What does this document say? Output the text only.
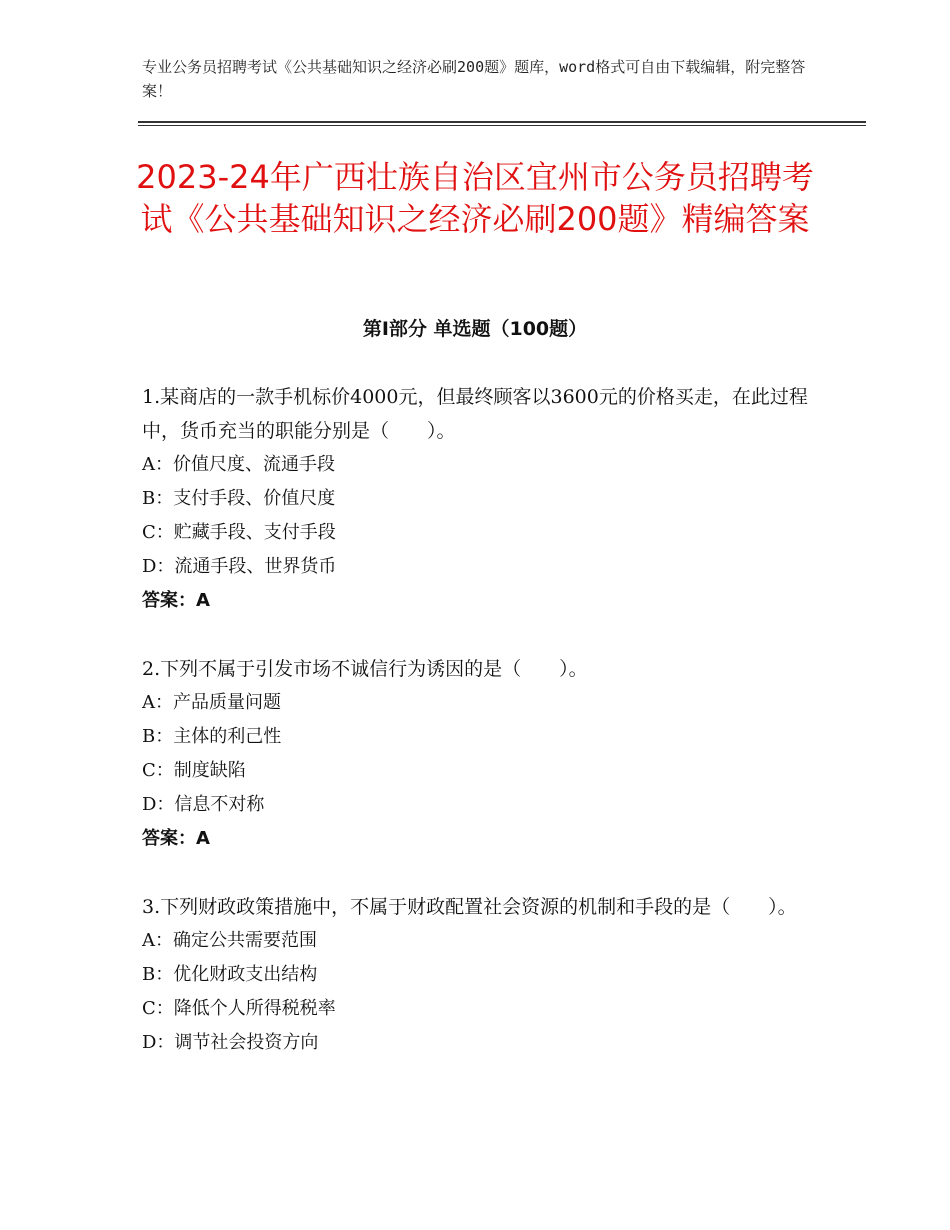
专业公务员招聘考试《公共基础知识之经济必刷200题》题库，word格式可自由下载编辑，附完整答案！
2023-24年广西壮族自治区宜州市公务员招聘考试《公共基础知识之经济必刷200题》精编答案
第Ⅰ部分 单选题（100题）
1.某商店的一款手机标价4000元，但最终顾客以3600元的价格买走，在此过程中，货币充当的职能分别是（　　）。
A：价值尺度、流通手段
B：支付手段、价值尺度
C：贮藏手段、支付手段
D：流通手段、世界货币
答案：A
2.下列不属于引发市场不诚信行为诱因的是（　　）。
A：产品质量问题
B：主体的利己性
C：制度缺陷
D：信息不对称
答案：A
3.下列财政政策措施中，不属于财政配置社会资源的机制和手段的是（　　）。
A：确定公共需要范围
B：优化财政支出结构
C：降低个人所得税税率
D：调节社会投资方向
